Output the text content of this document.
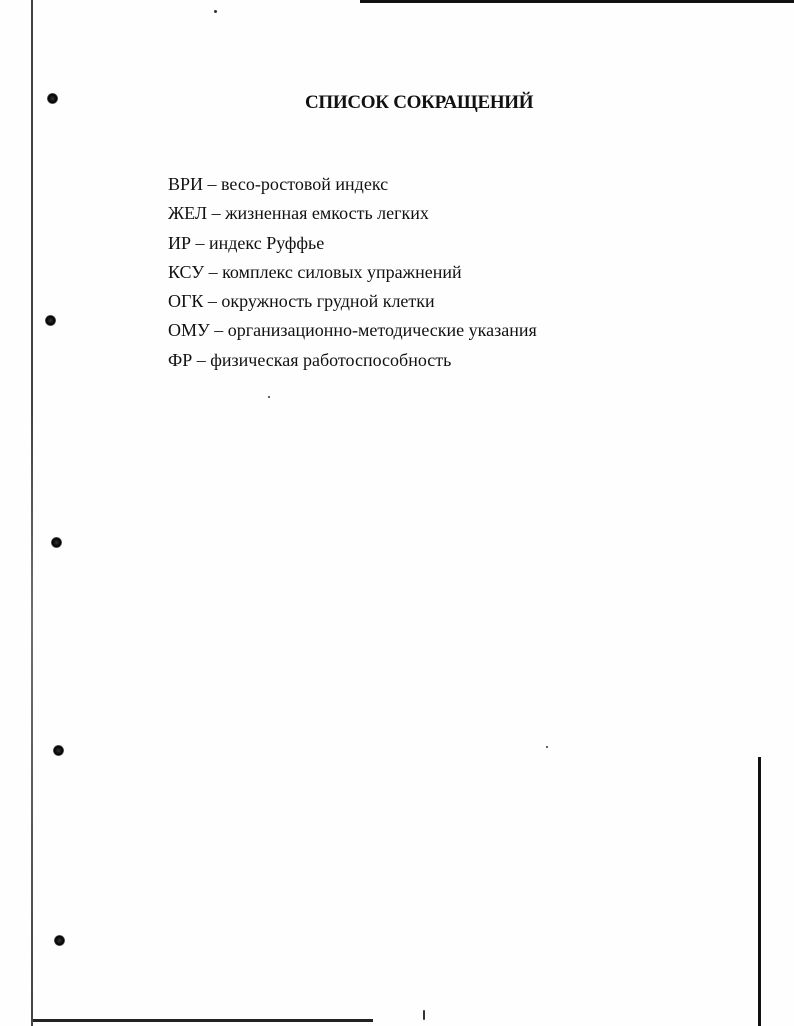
СПИСОК СОКРАЩЕНИЙ
ВРИ – весо-ростовой индекс
ЖЕЛ – жизненная емкость легких
ИР – индекс Руффье
КСУ – комплекс силовых упражнений
ОГК – окружность грудной клетки
ОМУ – организационно-методические указания
ФР – физическая работоспособность
